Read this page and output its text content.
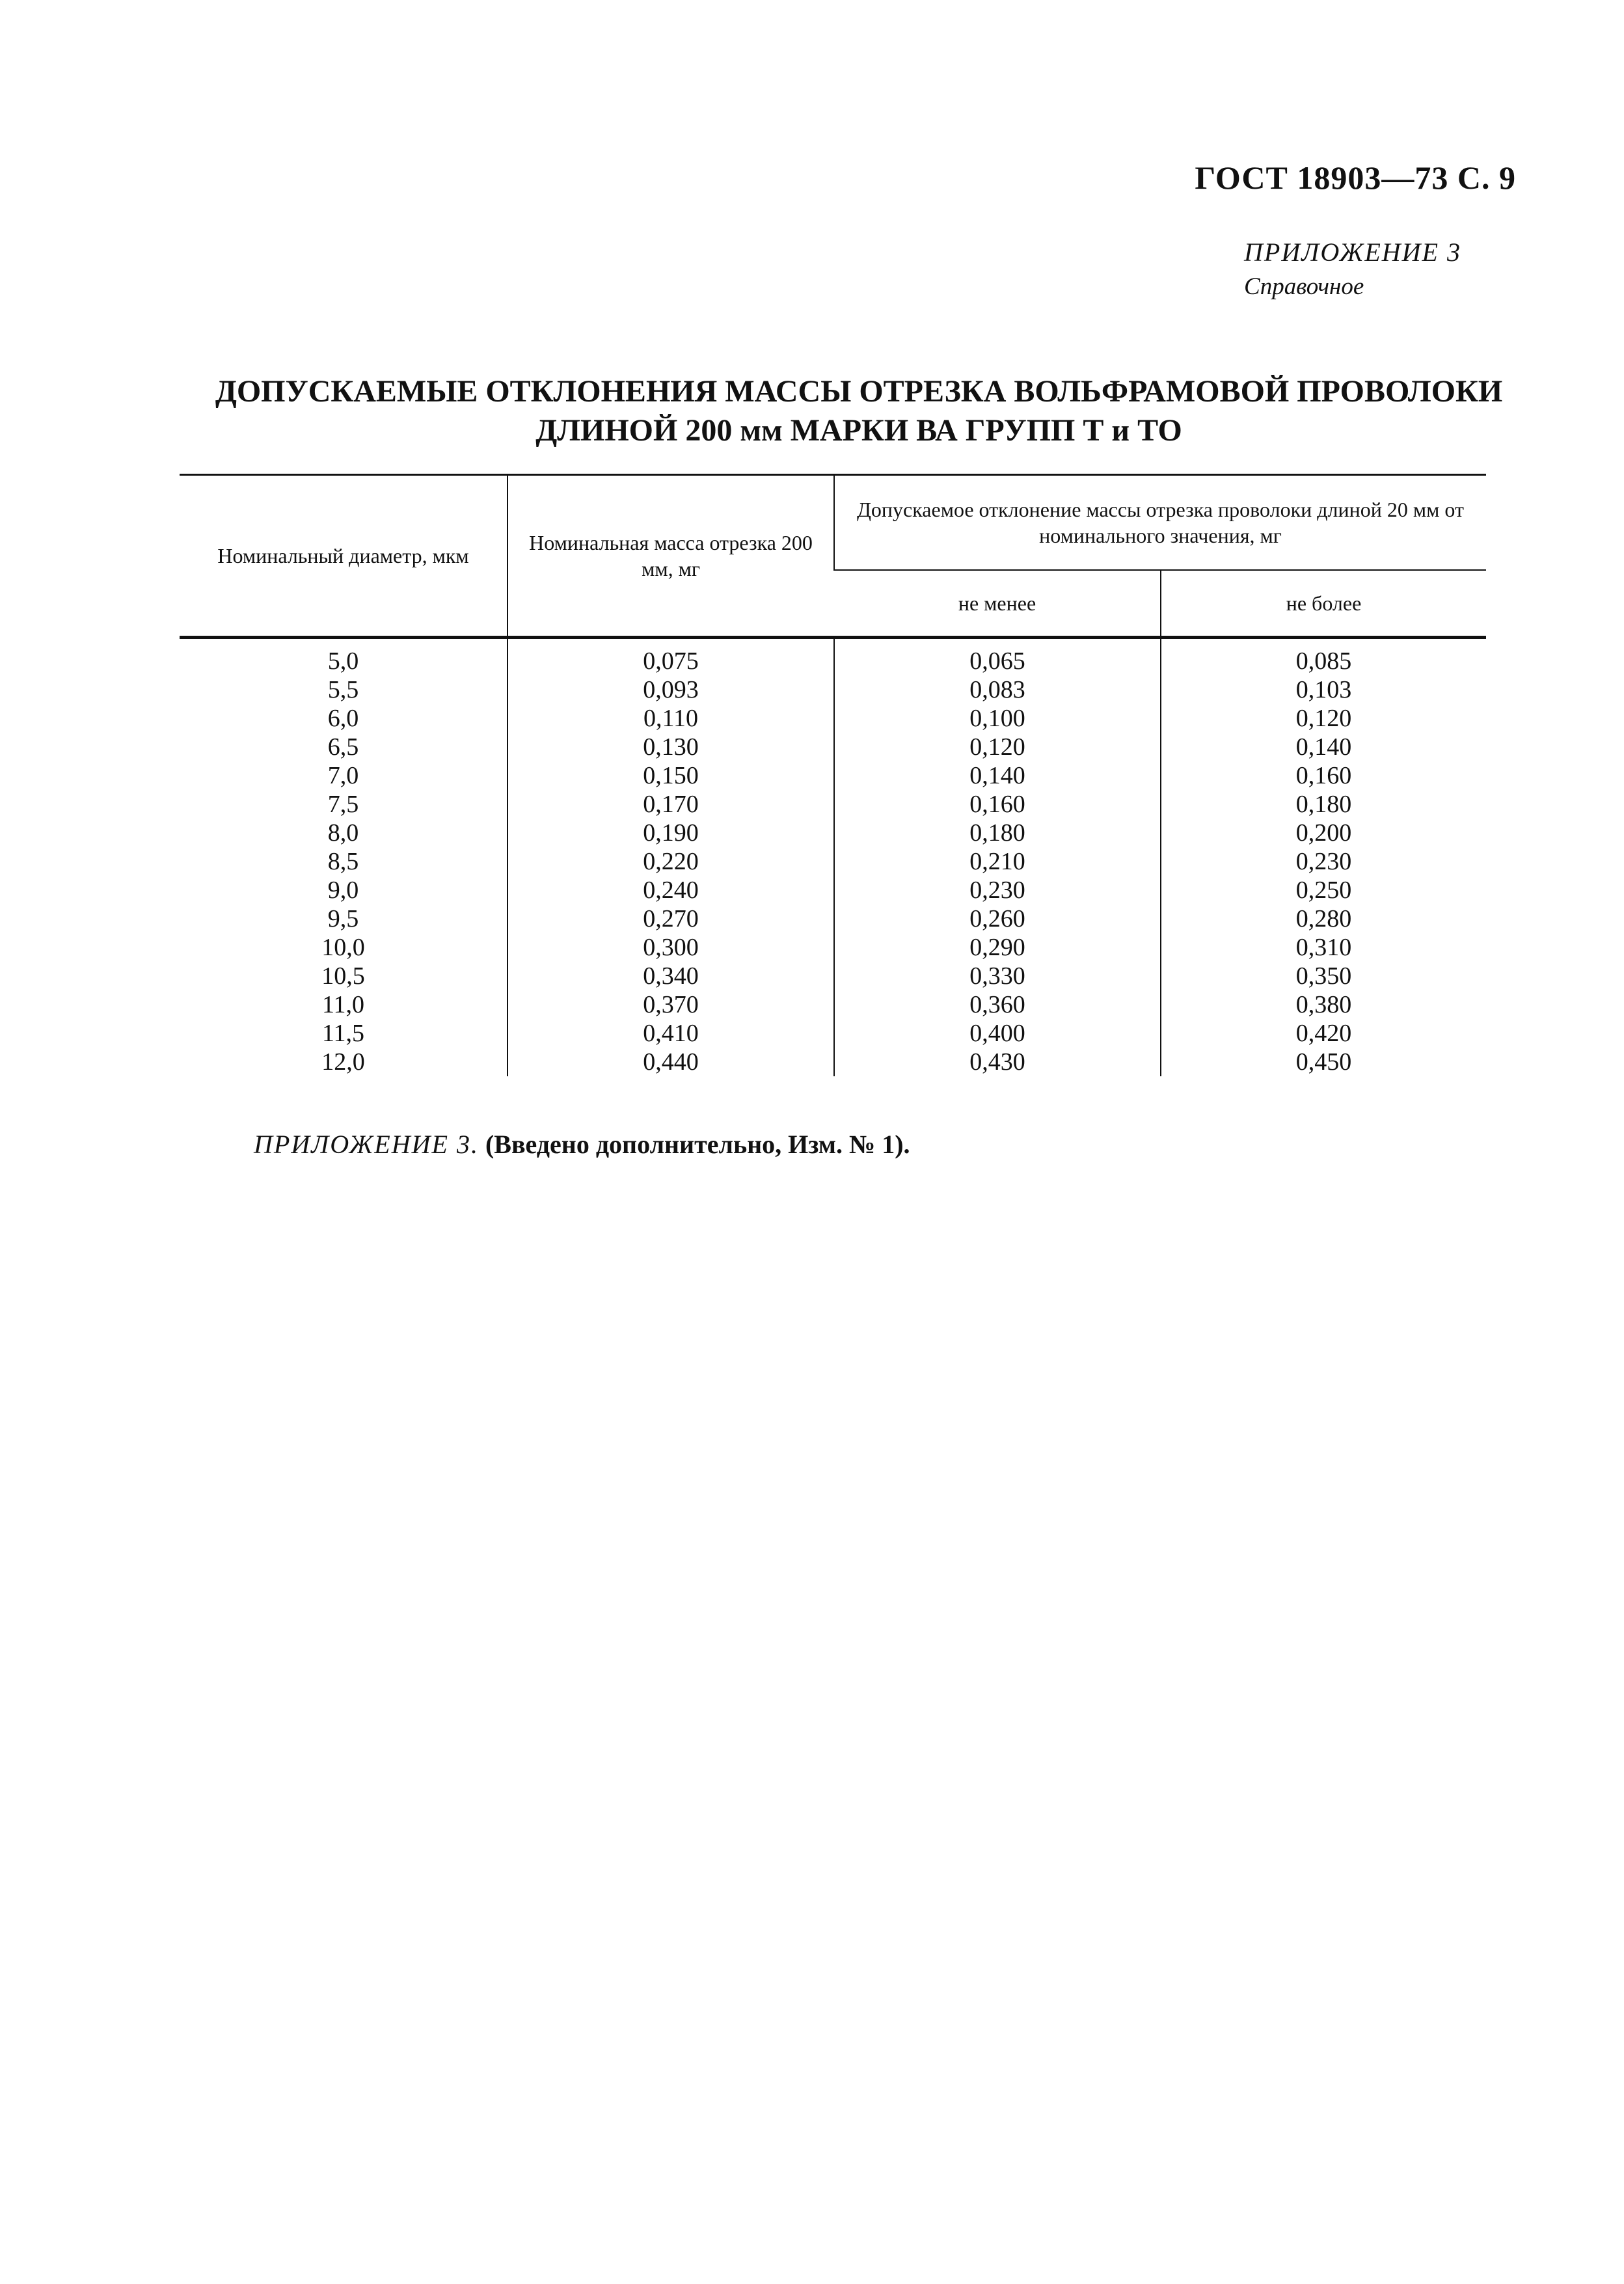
ГОСТ 18903—73 С. 9
ПРИЛОЖЕНИЕ 3
Справочное
ДОПУСКАЕМЫЕ ОТКЛОНЕНИЯ МАССЫ ОТРЕЗКА ВОЛЬФРАМОВОЙ ПРОВОЛОКИ
ДЛИНОЙ 200 мм МАРКИ ВА ГРУПП Т и ТО
Номинальный диаметр, мкм	Номинальная масса отрезка 200 мм, мг	Допускаемое отклонение массы отрезка проволоки длиной 20 мм от номинального значения, мг	
		не менее	не более
5,0	0,075	0,065	0,085
5,5	0,093	0,083	0,103
6,0	0,110	0,100	0,120
6,5	0,130	0,120	0,140
7,0	0,150	0,140	0,160
7,5	0,170	0,160	0,180
8,0	0,190	0,180	0,200
8,5	0,220	0,210	0,230
9,0	0,240	0,230	0,250
9,5	0,270	0,260	0,280
10,0	0,300	0,290	0,310
10,5	0,340	0,330	0,350
11,0	0,370	0,360	0,380
11,5	0,410	0,400	0,420
12,0	0,440	0,430	0,450
ПРИЛОЖЕНИЕ 3. (Введено дополнительно, Изм. № 1).
